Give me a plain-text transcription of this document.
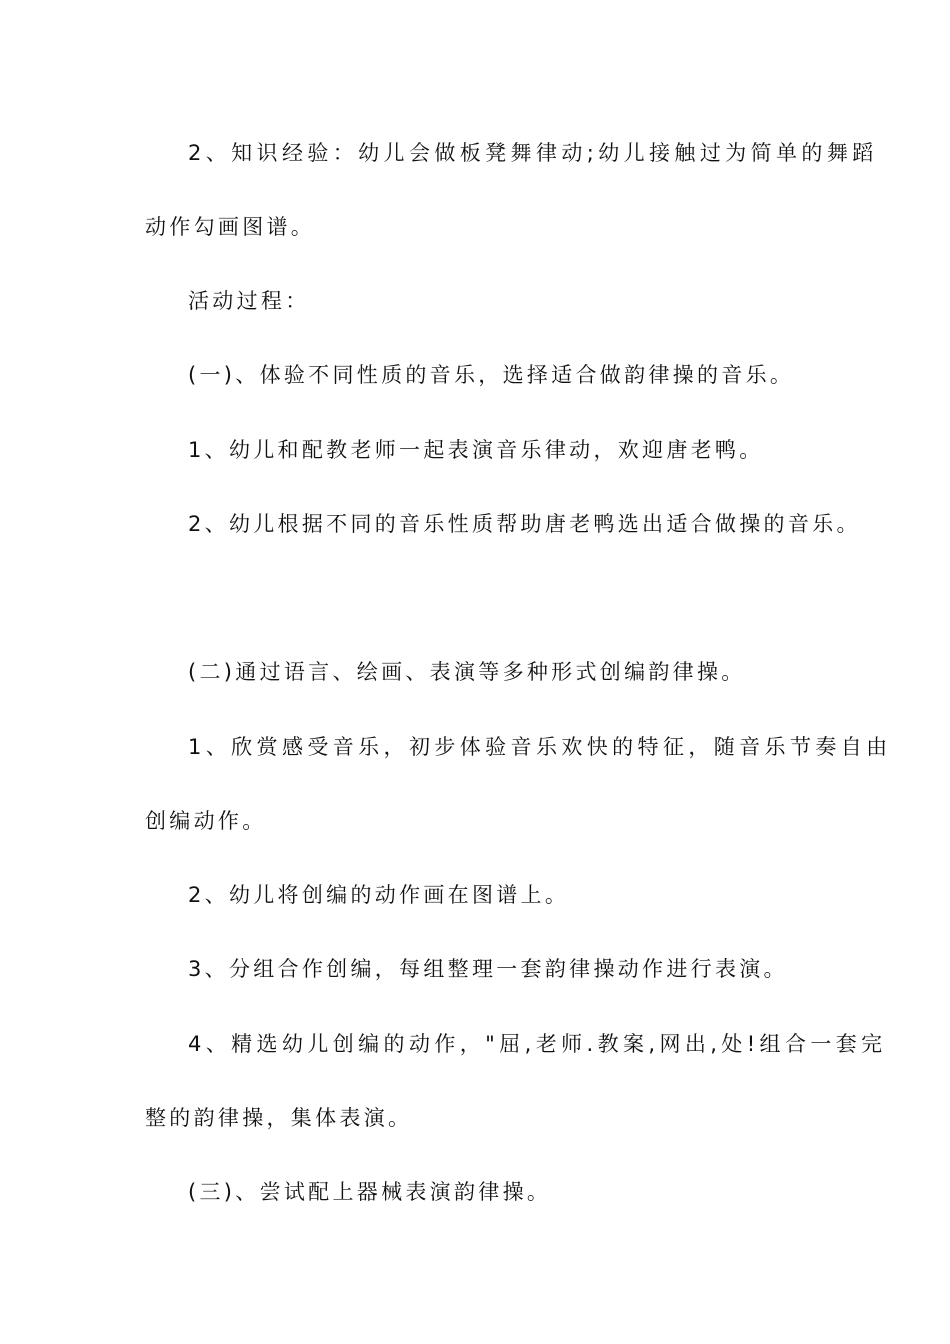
2、知识经验：幼儿会做板凳舞律动;幼儿接触过为简单的舞蹈
动作勾画图谱。
活动过程：
(一)、体验不同性质的音乐，选择适合做韵律操的音乐。
1、幼儿和配教老师一起表演音乐律动，欢迎唐老鸭。
2、幼儿根据不同的音乐性质帮助唐老鸭选出适合做操的音乐。
(二)通过语言、绘画、表演等多种形式创编韵律操。
1、欣赏感受音乐，初步体验音乐欢快的特征，随音乐节奏自由
创编动作。
2、幼儿将创编的动作画在图谱上。
3、分组合作创编，每组整理一套韵律操动作进行表演。
4、精选幼儿创编的动作，"屈,老师.教案,网出,处!组合一套完
整的韵律操，集体表演。
(三)、尝试配上器械表演韵律操。
